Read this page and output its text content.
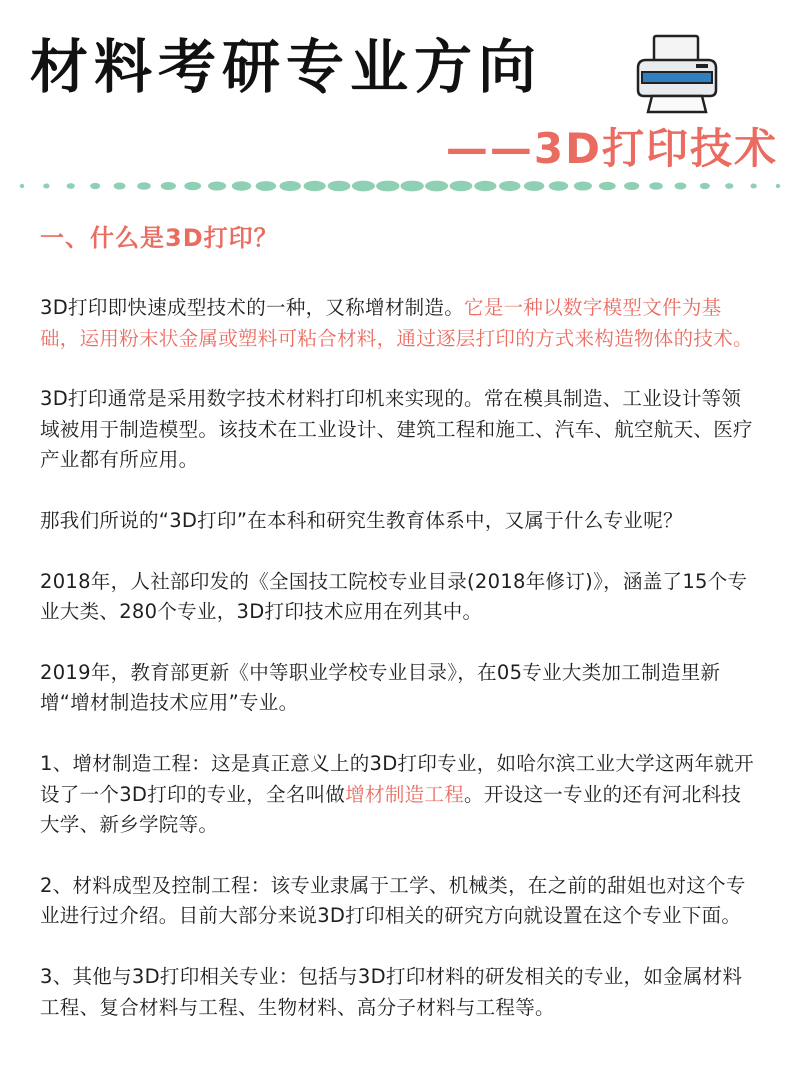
材料考研专业方向
——3D打印技术
一、什么是3D打印？

3D打印即快速成型技术的一种，又称增材制造。它是一种以数字模型文件为基础，运用粉末状金属或塑料可粘合材料，通过逐层打印的方式来构造物体的技术。

3D打印通常是采用数字技术材料打印机来实现的。常在模具制造、工业设计等领域被用于制造模型。该技术在工业设计、建筑工程和施工、汽车、航空航天、医疗产业都有所应用。

那我们所说的“3D打印”在本科和研究生教育体系中，又属于什么专业呢？

2018年，人社部印发的《全国技工院校专业目录(2018年修订)》，涵盖了15个专业大类、280个专业，3D打印技术应用在列其中。

2019年，教育部更新《中等职业学校专业目录》，在05专业大类加工制造里新增“增材制造技术应用”专业。

1、增材制造工程：这是真正意义上的3D打印专业，如哈尔滨工业大学这两年就开设了一个3D打印的专业，全名叫做增材制造工程。开设这一专业的还有河北科技大学、新乡学院等。

2、材料成型及控制工程：该专业隶属于工学、机械类，在之前的甜姐也对这个专业进行过介绍。目前大部分来说3D打印相关的研究方向就设置在这个专业下面。

3、其他与3D打印相关专业：包括与3D打印材料的研发相关的专业，如金属材料工程、复合材料与工程、生物材料、高分子材料与工程等。
